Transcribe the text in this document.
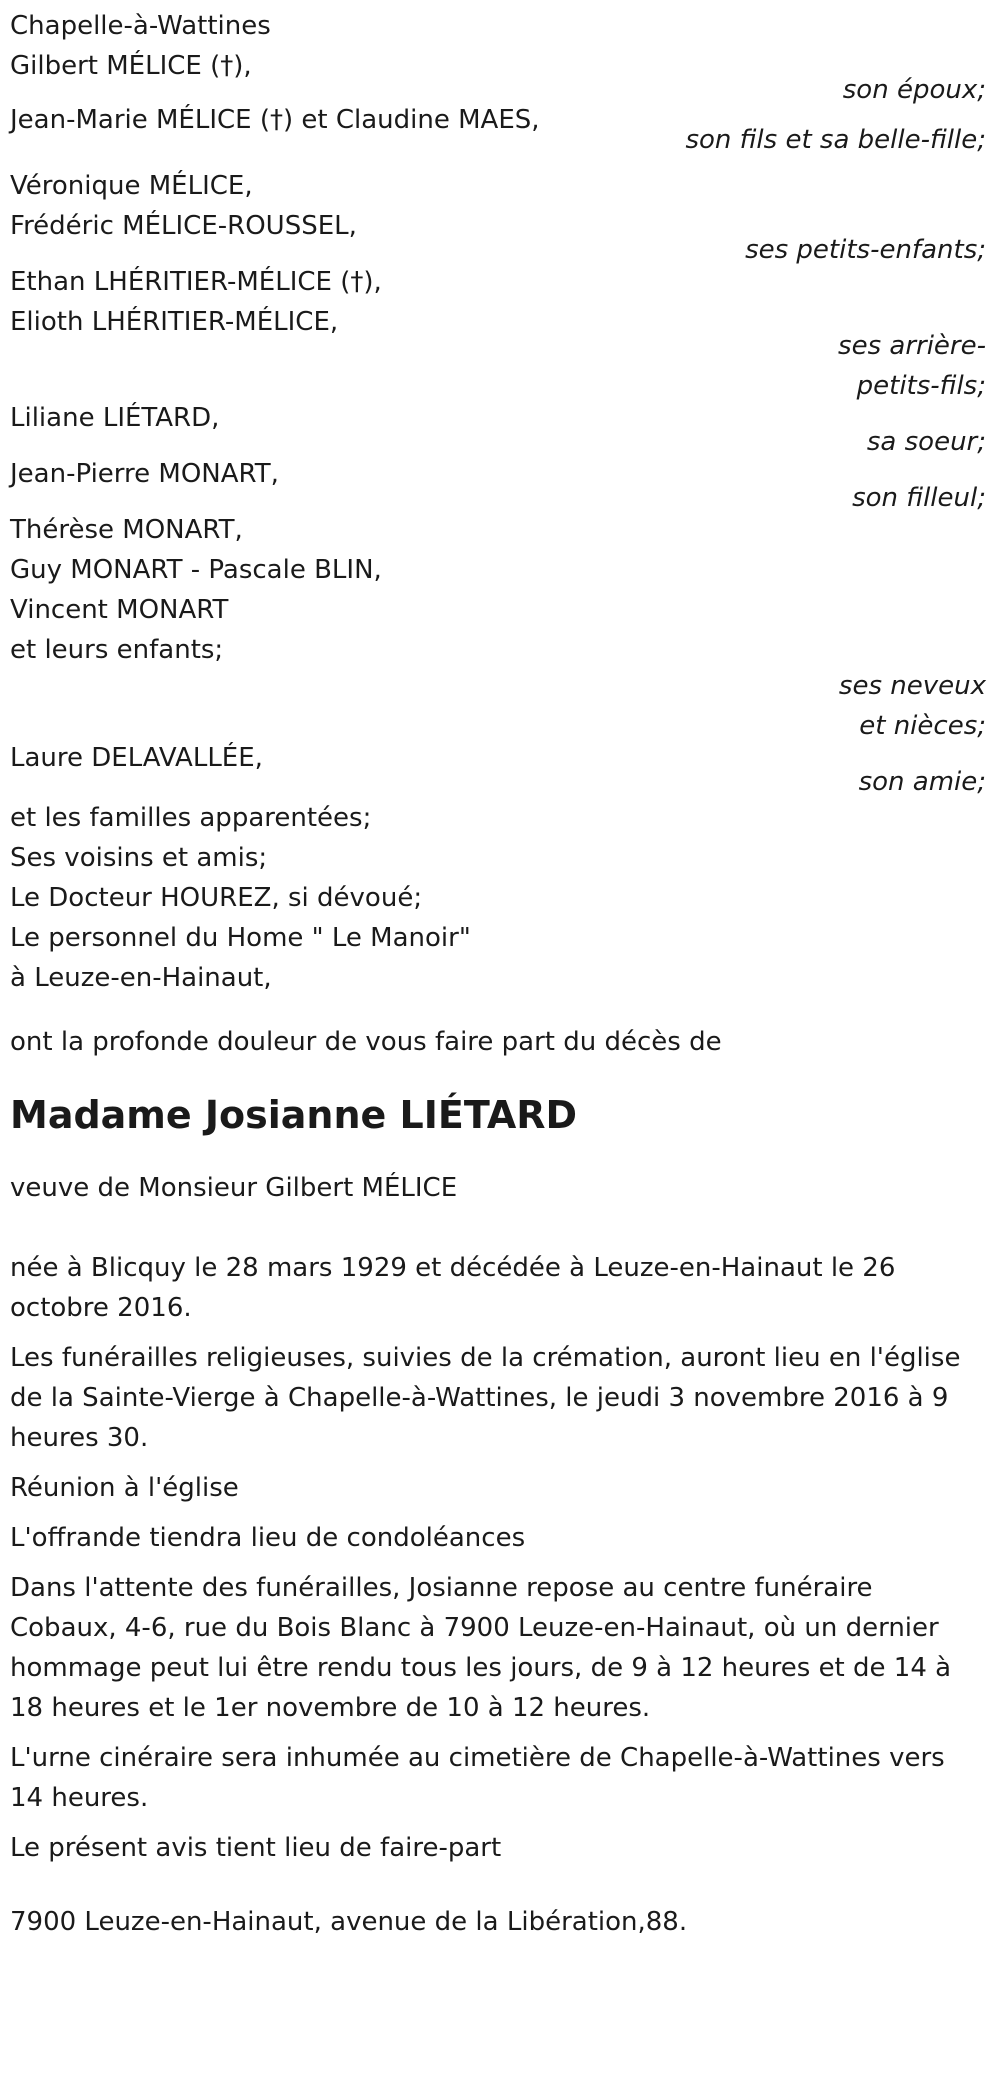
Chapelle-à-Wattines
Gilbert MÉLICE (†),
son époux;
Jean-Marie MÉLICE (†) et Claudine MAES,
son fils et sa belle-fille;
Véronique MÉLICE,
Frédéric MÉLICE-ROUSSEL,
ses petits-enfants;
Ethan LHÉRITIER-MÉLICE (†),
Elioth LHÉRITIER-MÉLICE,
ses arrière-petits-fils;
Liliane LIÉTARD,
sa soeur;
Jean-Pierre MONART,
son filleul;
Thérèse MONART,
Guy MONART - Pascale BLIN,
Vincent MONART
et leurs enfants;
ses neveux et nièces;
Laure DELAVALLÉE,
son amie;
et les familles apparentées;
Ses voisins et amis;
Le Docteur HOUREZ, si dévoué;
Le personnel du Home " Le Manoir"
à Leuze-en-Hainaut,
ont la profonde douleur de vous faire part du décès de
Madame Josianne LIÉTARD
veuve de Monsieur Gilbert MÉLICE
née à Blicquy le 28 mars 1929 et décédée à Leuze-en-Hainaut le 26 octobre 2016.
Les funérailles religieuses, suivies de la crémation, auront lieu en l'église de la Sainte-Vierge à Chapelle-à-Wattines, le jeudi 3 novembre 2016 à 9 heures 30.
Réunion à l'église
L'offrande tiendra lieu de condoléances
Dans l'attente des funérailles, Josianne repose au centre funéraire Cobaux, 4-6, rue du Bois Blanc à 7900 Leuze-en-Hainaut, où un dernier hommage peut lui être rendu tous les jours, de 9 à 12 heures et de 14 à 18 heures et le 1er novembre de 10 à 12 heures.
L'urne cinéraire sera inhumée au cimetière de Chapelle-à-Wattines vers 14 heures.
Le présent avis tient lieu de faire-part
7900 Leuze-en-Hainaut, avenue de la Libération,88.
